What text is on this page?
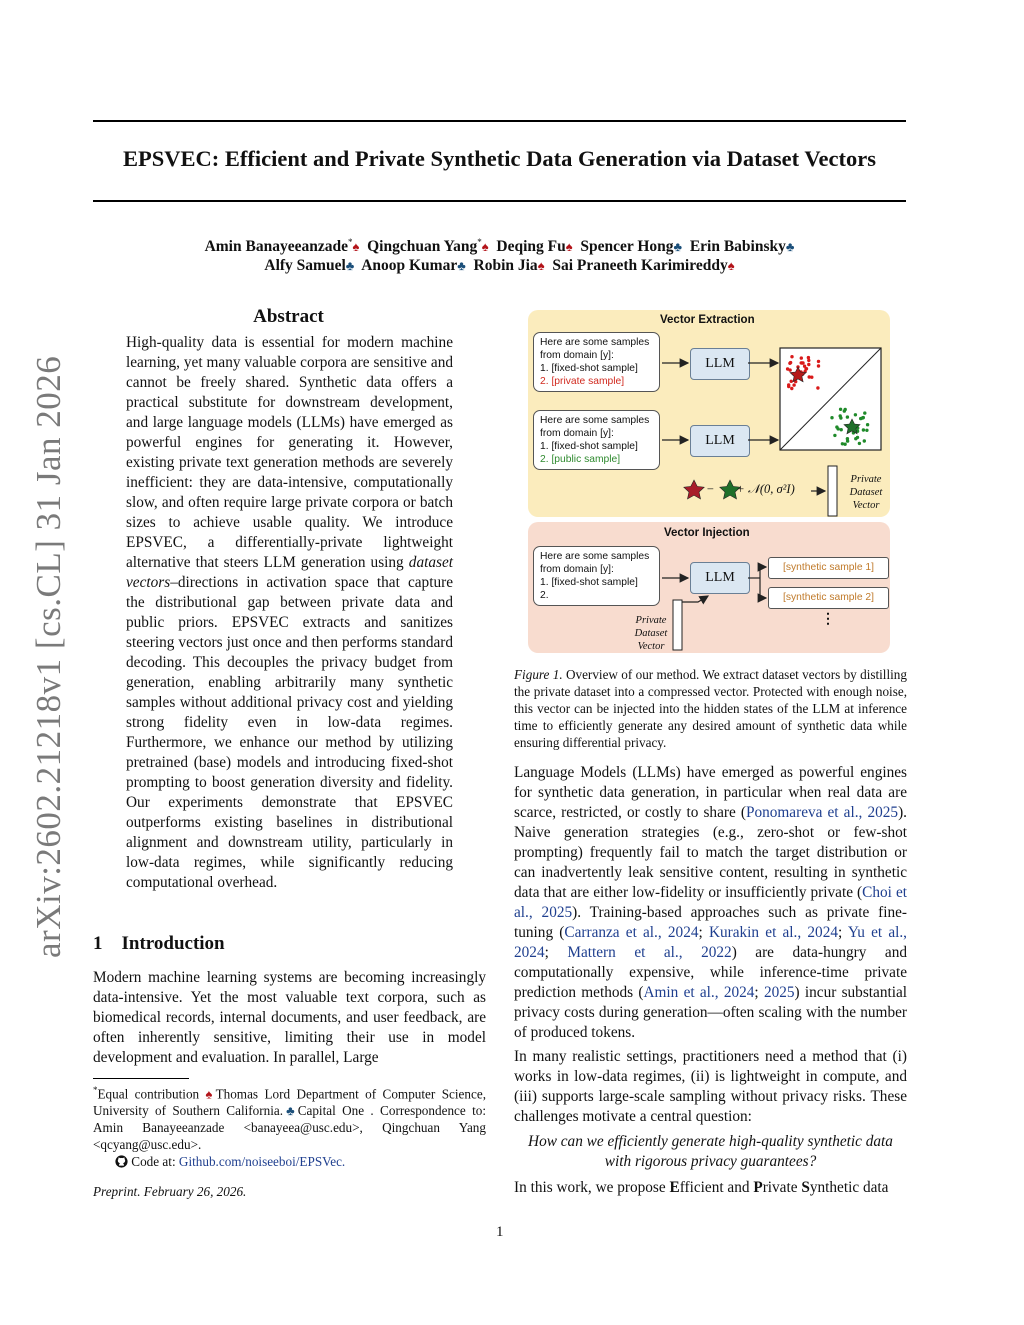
EPSVEC: Efficient and Private Synthetic Data Generation via Dataset Vectors
Amin Banayeeanzade*♠ Qingchuan Yang*♠ Deqing Fu♠ Spencer Hong♣ Erin Babinsky♣
Alfy Samuel♣ Anoop Kumar♣ Robin Jia♠ Sai Praneeth Karimireddy♠
arXiv:2602.21218v1 [cs.CL] 31 Jan 2026
Abstract
High-quality data is essential for modern machine learning, yet many valuable corpora are sensitive and cannot be freely shared. Synthetic data offers a practical substitute for downstream development, and large language models (LLMs) have emerged as powerful engines for generating it. However, existing private text generation methods are severely inefficient: they are data-intensive, computationally slow, and often require large private corpora or batch sizes to achieve usable quality. We introduce EPSVEC, a differentially-private lightweight alternative that steers LLM generation using dataset vectors–directions in activation space that capture the distributional gap between private data and public priors. EPSVEC extracts and sanitizes steering vectors just once and then performs standard decoding. This decouples the privacy budget from generation, enabling arbitrarily many synthetic samples without additional privacy cost and yielding strong fidelity even in low-data regimes. Furthermore, we enhance our method by utilizing pretrained (base) models and introducing fixed-shot prompting to boost generation diversity and fidelity. Our experiments demonstrate that EPSVEC outperforms existing baselines in distributional alignment and downstream utility, particularly in low-data regimes, while significantly reducing computational overhead.
1 Introduction
Modern machine learning systems are becoming increasingly data-intensive. Yet the most valuable text corpora, such as biomedical records, internal documents, and user feedback, are often inherently sensitive, limiting their use in model development and evaluation. In parallel, Large
*Equal contribution ♠Thomas Lord Department of Computer Science, University of Southern California.♣Capital One . Correspondence to: Amin Banayeeanzade <banayeea@usc.edu>, Qingchuan Yang <qcyang@usc.edu>.
Code at: Github.com/noiseeboi/EPSVec.
Preprint. February 26, 2026.
1
Vector Extraction
Here are some samples from domain [y]:
1. [fixed-shot sample]
2. [private sample]
Here are some samples from domain [y]:
1. [fixed-shot sample]
2. [public sample]
LLM
LLM
−       + 𝒩(0, σ²I)
Private
Dataset
Vector
Vector Injection
Here are some samples from domain [y]:
1. [fixed-shot sample]
2.
LLM
[synthetic sample 1]
[synthetic sample 2]
⋮
Private
Dataset
Vector
Figure 1. Overview of our method. We extract dataset vectors by distilling the private dataset into a compressed vector. Protected with enough noise, this vector can be injected into the hidden states of the LLM at inference time to efficiently generate any desired amount of synthetic data while ensuring differential privacy.
Language Models (LLMs) have emerged as powerful engines for synthetic data generation, in particular when real data are scarce, restricted, or costly to share (Ponomareva et al., 2025). Naive generation strategies (e.g., zero-shot or few-shot prompting) frequently fail to match the target distribution or can inadvertently leak sensitive content, resulting in synthetic data that are either low-fidelity or insufficiently private (Choi et al., 2025). Training-based approaches such as private fine-tuning (Carranza et al., 2024; Kurakin et al., 2024; Yu et al., 2024; Mattern et al., 2022) are data-hungry and computationally expensive, while inference-time private prediction methods (Amin et al., 2024; 2025) incur substantial privacy costs during generation—often scaling with the number of produced tokens.
In many realistic settings, practitioners need a method that (i) works in low-data regimes, (ii) is lightweight in compute, and (iii) supports large-scale sampling without privacy risks. These challenges motivate a central question:
How can we efficiently generate high-quality synthetic data with rigorous privacy guarantees?
In this work, we propose Efficient and Private Synthetic data
